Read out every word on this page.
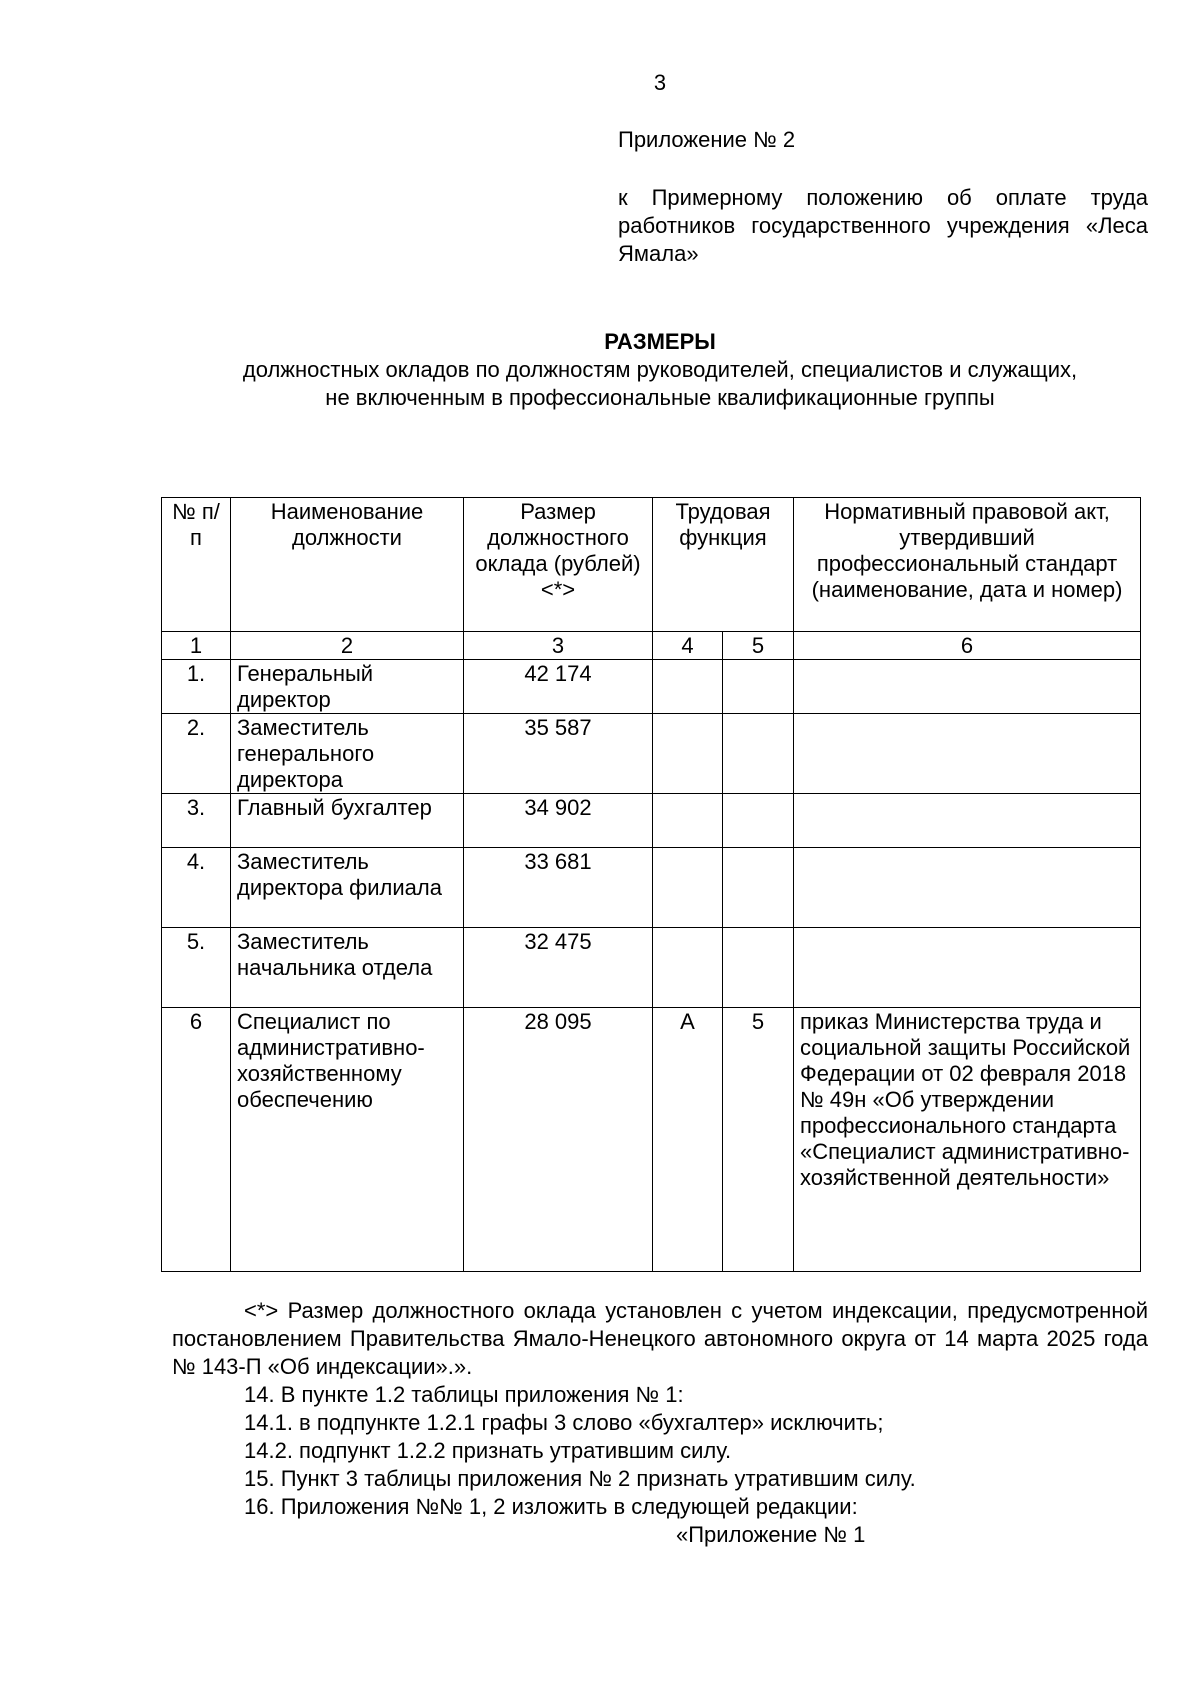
3
Приложение № 2
к Примерному положению об оплате труда работников государственного учреждения «Леса Ямала»
РАЗМЕРЫ
должностных окладов по должностям руководителей, специалистов и служащих, не включенным в профессиональные квалификационные группы
№ п/п	Наименование должности	Размер должностного оклада (рублей) <*>	Трудовая функция		Нормативный правовой акт, утвердивший профессиональный стандарт (наименование, дата и номер)
1	2	3	4	5	6
1.	Генеральный директор	42 174			
2.	Заместитель генерального директора	35 587			
3.	Главный бухгалтер	34 902			
4.	Заместитель директора филиала	33 681			
5.	Заместитель начальника отдела	32 475			
6	Специалист по административно-хозяйственному обеспечению	28 095	А	5	приказ Министерства труда и социальной защиты Российской Федерации от 02 февраля 2018 № 49н «Об утверждении профессионального стандарта «Специалист административно-хозяйственной деятельности»

<*> Размер должностного оклада установлен с учетом индексации, предусмотренной постановлением Правительства Ямало-Ненецкого автономного округа от 14 марта 2025 года № 143-П «Об индексации».».

14. В пункте 1.2 таблицы приложения № 1:

14.1. в подпункте 1.2.1 графы 3 слово «бухгалтер» исключить;

14.2. подпункт 1.2.2 признать утратившим силу.

15. Пункт 3 таблицы приложения № 2 признать утратившим силу.

16. Приложения №№ 1, 2 изложить в следующей редакции:

«Приложение № 1
